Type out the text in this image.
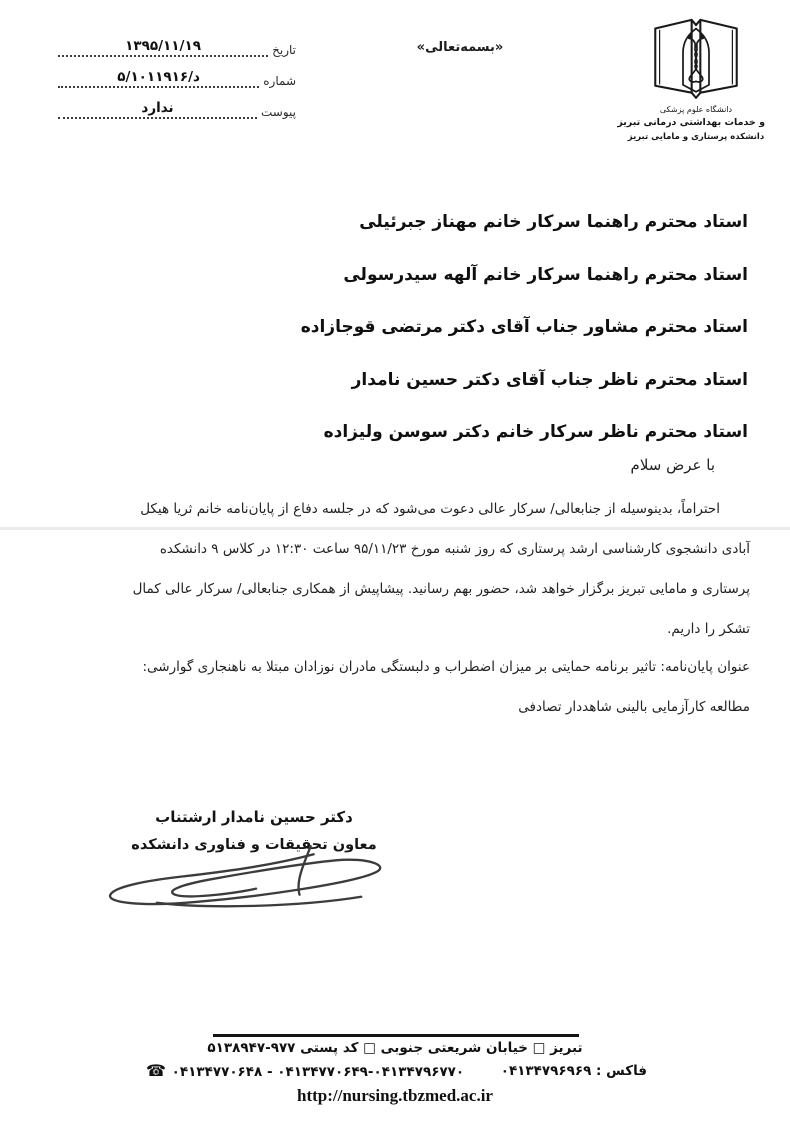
تاریخ
۱۳۹۵/۱۱/۱۹
شماره
۵/د/۱۰۱۱۹۱۶
پیوست
ندارد
«بسمه‌تعالی»
دانشگاه علوم پزشکی
و خدمات بهداشتی درمانی تبریز
دانشکده پرستاری و مامایی تبریز
استاد محترم راهنما سرکار خانم مهناز جبرئیلی
استاد محترم راهنما سرکار خانم آلهه سیدرسولی
استاد محترم مشاور جناب آقای دکتر مرتضی قوجازاده
استاد محترم ناظر جناب آقای دکتر حسین نامدار
استاد محترم ناظر سرکار خانم دکتر سوسن ولیزاده
با عرض سلام
احتراماً، بدینوسیله از جنابعالی/ سرکار عالی دعوت می‌شود که در جلسه دفاع از پایان‌نامه خانم ثریا هیکل
آبادی دانشجوی کارشناسی ارشد پرستاری که روز شنبه مورخ ۹۵/۱۱/۲۳ ساعت ۱۲:۳۰ در کلاس ۹ دانشکده
پرستاری و مامایی تبریز برگزار خواهد شد، حضور بهم رسانید. پیشاپیش از همکاری جنابعالی/ سرکار عالی کمال
تشکر را داریم.
عنوان پایان‌نامه: تاثیر برنامه حمایتی بر میزان اضطراب و دلبستگی مادران نوزادان مبتلا به ناهنجاری گوارشی:
مطالعه کارآزمایی بالینی شاهددار تصادفی
دکتر حسین نامدار ارشتناب
معاون تحقیقات و فناوری دانشکده
تبریز □ خیابان شریعتی جنوبی □ کد پستی ۵۱۳۸۹۴۷-۹۷۷
☎ ۰۴۱۳۴۷۷۰۶۴۸ - ۰۴۱۳۴۷۷۰۶۴۹-۰۴۱۳۴۷۹۶۷۷۰	فاکس : ۰۴۱۳۴۷۹۶۹۶۹
http://nursing.tbzmed.ac.ir
